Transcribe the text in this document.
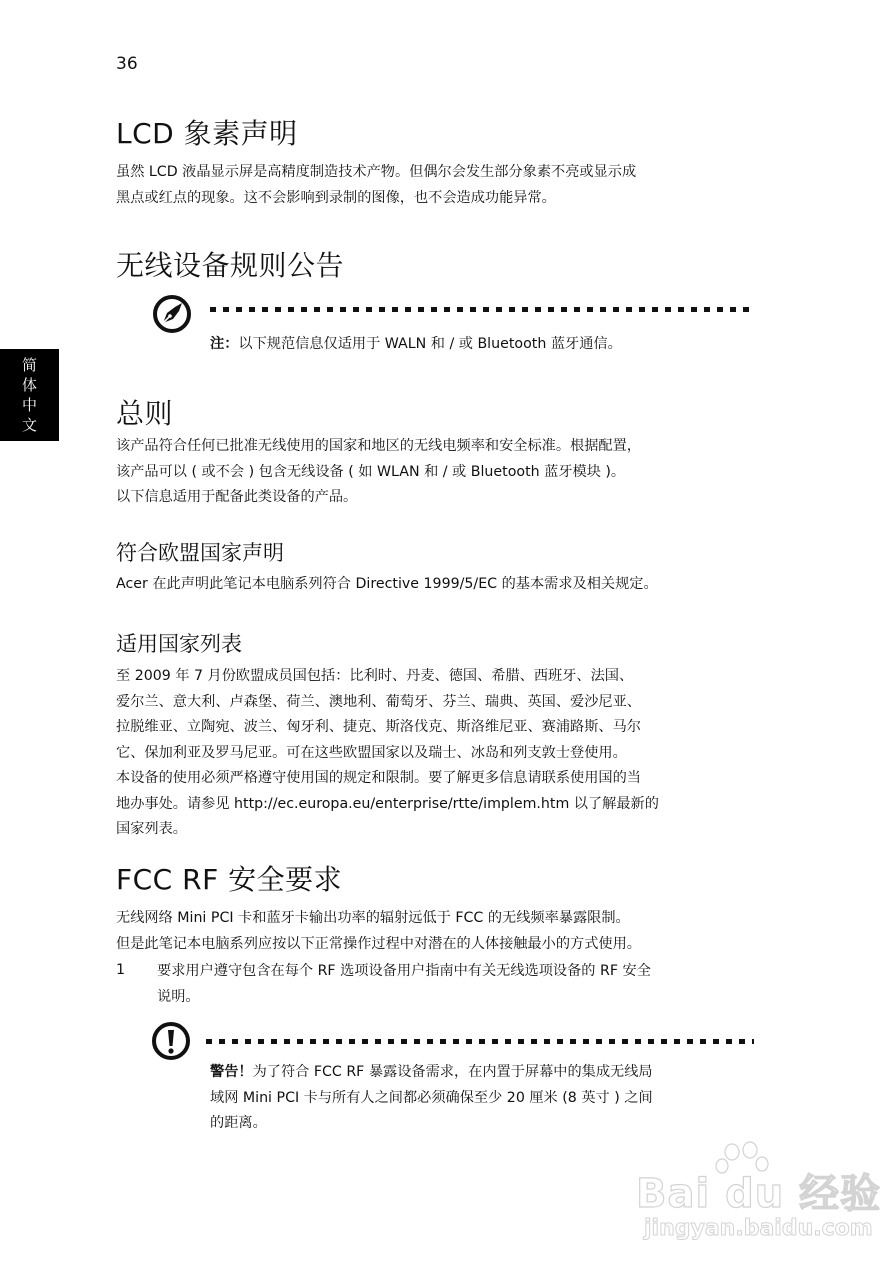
36
简
体
中
文
LCD 象素声明
虽然 LCD 液晶显示屏是高精度制造技术产物。但偶尔会发生部分象素不亮或显示成
黑点或红点的现象。这不会影响到录制的图像，也不会造成功能异常。
无线设备规则公告
注：以下规范信息仅适用于 WALN 和 / 或 Bluetooth 蓝牙通信。
总则
该产品符合任何已批准无线使用的国家和地区的无线电频率和安全标准。根据配置，
该产品可以 ( 或不会 ) 包含无线设备 ( 如 WLAN 和 / 或 Bluetooth 蓝牙模块 )。
以下信息适用于配备此类设备的产品。
符合欧盟国家声明
Acer 在此声明此笔记本电脑系列符合 Directive 1999/5/EC 的基本需求及相关规定。
适用国家列表
至 2009 年 7 月份欧盟成员国包括：比利时、丹麦、德国、希腊、西班牙、法国、
爱尔兰、意大利、卢森堡、荷兰、澳地利、葡萄牙、芬兰、瑞典、英国、爱沙尼亚、
拉脱维亚、立陶宛、波兰、匈牙利、捷克、斯洛伐克、斯洛维尼亚、赛浦路斯、马尔
它、保加利亚及罗马尼亚。可在这些欧盟国家以及瑞士、冰岛和列支敦士登使用。
本设备的使用必须严格遵守使用国的规定和限制。要了解更多信息请联系使用国的当
地办事处。请参见 http://ec.europa.eu/enterprise/rtte/implem.htm 以了解最新的
国家列表。
FCC RF 安全要求
无线网络 Mini PCI 卡和蓝牙卡输出功率的辐射远低于 FCC 的无线频率暴露限制。
但是此笔记本电脑系列应按以下正常操作过程中对潜在的人体接触最小的方式使用。
1 要求用户遵守包含在每个 RF 选项设备用户指南中有关无线选项设备的 RF 安全
说明。
警告！为了符合 FCC RF 暴露设备需求，在内置于屏幕中的集成无线局
域网 Mini PCI 卡与所有人之间都必须确保至少 20 厘米 (8 英寸 ) 之间
的距离。
Bai du 经验
jingyan.baidu.com
